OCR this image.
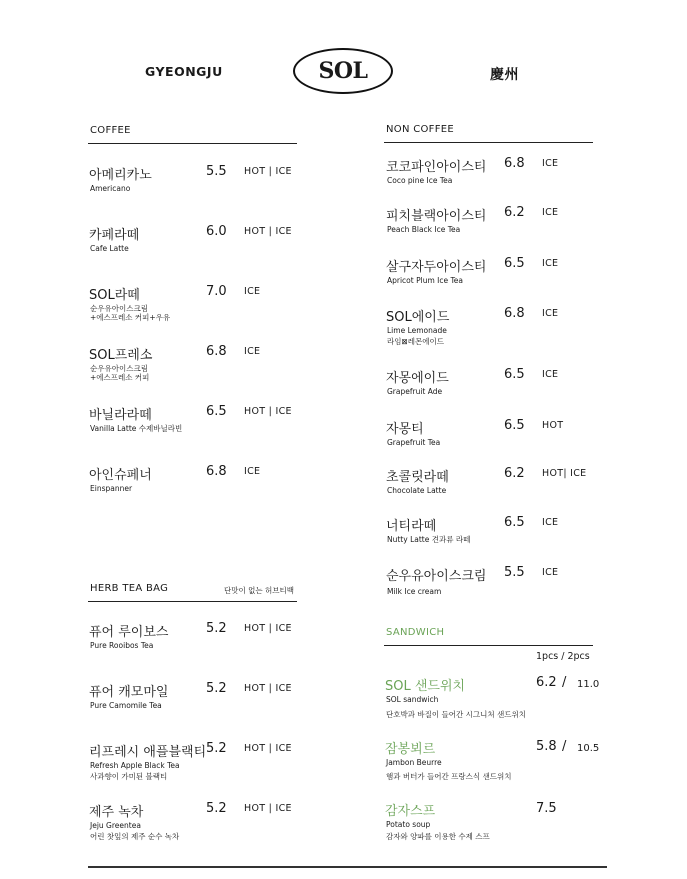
GYEONGJU	SOL	慶州
COFFEE
아메리카노
Americano
5.5 HOT | ICE
카페라떼
Cafe Latte
6.0 HOT | ICE
SOL라떼
순우유아이스크림
+에스프레소 커피+우유
7.0 ICE
SOL프레소
순우유아이스크림
+에스프레소 커피
6.8 ICE
바닐라라떼
Vanilla Latte 수제바닐라빈
6.5 HOT | ICE
아인슈페너
Einspanner
6.8 ICE
HERB TEA BAG	단맛이 없는 허브티백
퓨어 루이보스
Pure Rooibos Tea
5.2 HOT | ICE
퓨어 캐모마일
Pure Camomile Tea
5.2 HOT | ICE
리프레시 애플블랙티
Refresh Apple Black Tea
사과향이 가미된 블랙티
5.2 HOT | ICE
제주 녹차
Jeju Greentea
어린 찻잎의 제주 순수 녹차
5.2 HOT | ICE
NON COFFEE
코코파인아이스티
Coco pine Ice Tea
6.8 ICE
피치블랙아이스티
Peach Black Ice Tea
6.2 ICE
살구자두아이스티
Apricot Plum Ice Tea
6.5 ICE
SOL에이드
Lime Lemonade
라임⊠레몬에이드
6.8 ICE
자몽에이드
Grapefruit Ade
6.5 ICE
자몽티
Grapefruit Tea
6.5 HOT
초콜릿라떼
Chocolate Latte
6.2 HOT| ICE
너티라떼
Nutty Latte 견과류 라떼
6.5 ICE
순우유아이스크림
Milk Ice cream
5.5 ICE
SANDWICH
1pcs / 2pcs
SOL 샌드위치
SOL sandwich
단호박과 바질이 들어간 시그니처 샌드위치
6.2 / 11.0
잠봉뵈르
Jambon Beurre
햄과 버터가 들어간 프랑스식 샌드위치
5.8 / 10.5
감자스프
Potato soup
감자와 양파를 이용한 수제 스프
7.5
